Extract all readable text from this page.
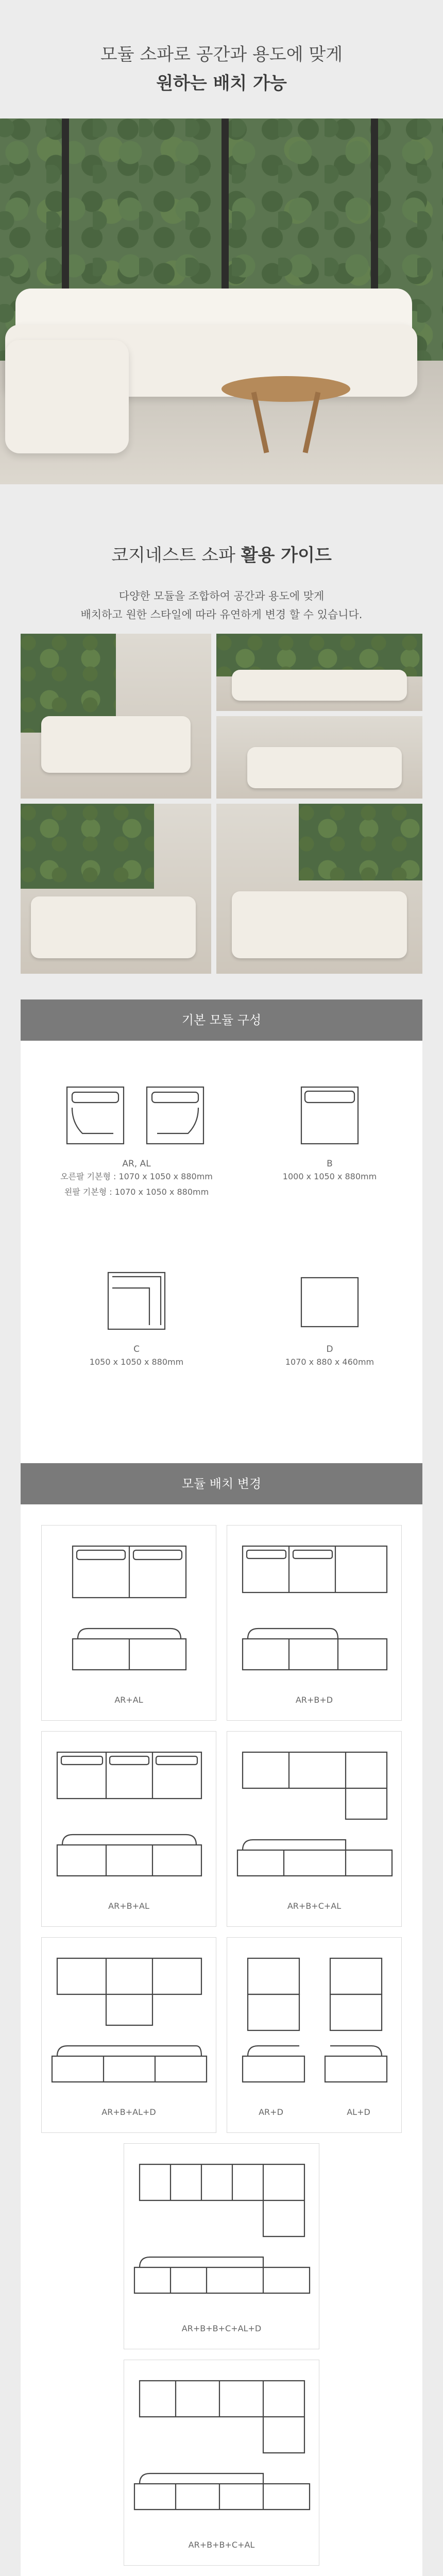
모듈 소파로 공간과 용도에 맞게
원하는 배치 가능
코지네스트 소파 활용 가이드
다양한 모듈을 조합하여 공간과 용도에 맞게
배치하고 원한 스타일에 따라 유연하게 변경 할 수 있습니다.
기본 모듈 구성
AR, AL
오른팔 기본형 : 1070 x 1050 x 880mm
왼팔 기본형 : 1070 x 1050 x 880mm
B
1000 x 1050 x 880mm
C
1050 x 1050 x 880mm
D
1070 x 880 x 460mm
모듈 배치 변경
AR+AL	AR+B+D
AR+B+AL	AR+B+C+AL
AR+B+AL+D	AR+D	AL+D
AR+B+B+C+AL+D
AR+B+B+C+AL
